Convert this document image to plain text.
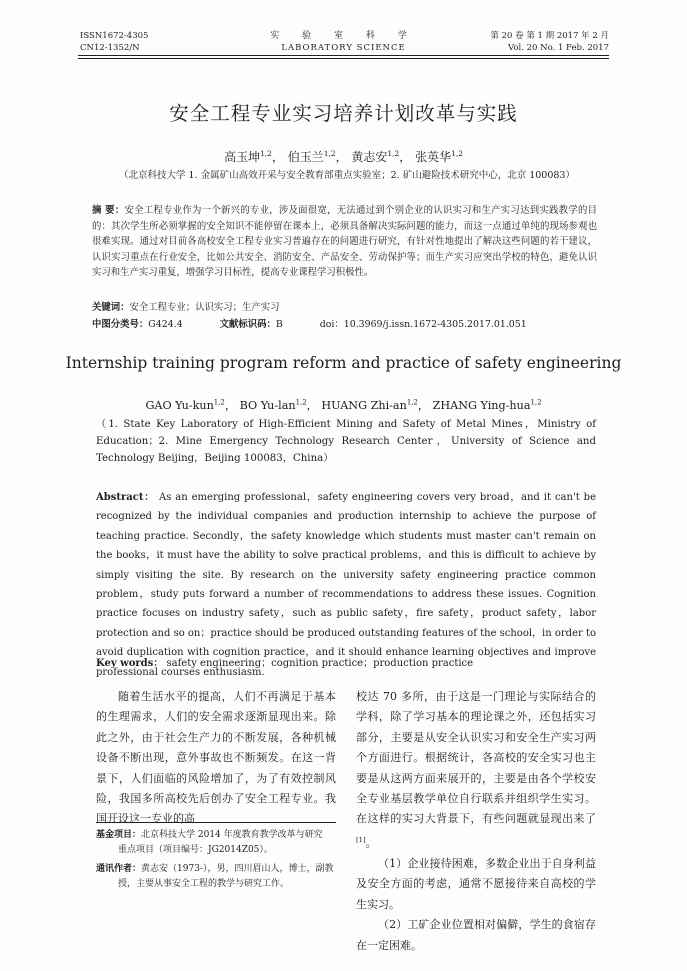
ISSN1672-4305
CN12-1352/N
实 验 室 科 学
LABORATORY SCIENCE
第 20 卷 第 1 期 2017 年 2 月
Vol. 20 No. 1 Feb. 2017
安全工程专业实习培养计划改革与实践
高玉坤$^{1,2}$， 伯玉兰$^{1,2}$， 黄志安$^{1,2}$， 张英华$^{1,2}$
（北京科技大学 1. 金属矿山高效开采与安全教育部重点实验室；2. 矿山避险技术研究中心，北京 100083）
摘 要：安全工程专业作为一个新兴的专业，涉及面很宽，无法通过到个别企业的认识实习和生产实习达到实践教学的目的：其次学生所必须掌握的安全知识不能停留在课本上，必须具备解决实际问题的能力，而这一点通过单纯的现场参观也很难实现。通过对目前各高校安全工程专业实习普遍存在的问题进行研究，有针对性地提出了解决这些问题的若干建议，认识实习重点在行业安全，比如公共安全、消防安全、产品安全、劳动保护等；而生产实习应突出学校的特色，避免认识实习和生产实习重复，增强学习目标性，提高专业课程学习积极性。
关键词：安全工程专业；认识实习；生产实习
中图分类号：G424.4	文献标识码：B	doi：10.3969/j.issn.1672-4305.2017.01.051
Internship training program reform and practice of safety engineering
GAO Yu-kun$^{1,2}$， BO Yu-lan$^{1,2}$， HUANG Zhi-an$^{1,2}$， ZHANG Ying-hua$^{1,2}$
（1. State Key Laboratory of High-Efficient Mining and Safety of Metal Mines，Ministry of Education；2. Mine Emergency Technology Research Center，University of Science and Technology Beijing，Beijing 100083，China）
Abstract： As an emerging professional，safety engineering covers very broad，and it can't be recognized by the individual companies and production internship to achieve the purpose of teaching practice. Secondly，the safety knowledge which students must master can't remain on the books，it must have the ability to solve practical problems，and this is difficult to achieve by simply visiting the site. By research on the university safety engineering practice common problem，study puts forward a number of recommendations to address these issues. Cognition practice focuses on industry safety，such as public safety，fire safety，product safety，labor protection and so on；practice should be produced outstanding features of the school，in order to avoid duplication with cognition practice，and it should enhance learning objectives and improve professional courses enthusiasm.
Key words： safety engineering；cognition practice；production practice

随着生活水平的提高，人们不再满足于基本的生理需求，人们的安全需求逐渐显现出来。除此之外，由于社会生产力的不断发展，各种机械设备不断出现，意外事故也不断频发。在这一背景下，人们面临的风险增加了，为了有效控制风险，我国多所高校先后创办了安全工程专业。我国开设这一专业的高

校达 70 多所，由于这是一门理论与实际结合的学科，除了学习基本的理论课之外，还包括实习部分，主要是从安全认识实习和安全生产实习两个方面进行。根据统计，各高校的安全实习也主要是从这两方面来展开的，主要是由各个学校安全专业基层教学单位自行联系并组织学生实习。在这样的实习大背景下，有些问题就显现出来了[1]。

（1）企业接待困难，多数企业出于自身利益及安全方面的考虑，通常不愿接待来自高校的学生实习。

（2）工矿企业位置相对偏僻，学生的食宿存在一定困难。

基金项目：北京科技大学 2014 年度教育教学改革与研究
重点项目（项目编号：JG2014Z05）。
通讯作者：黄志安（1973-），男，四川眉山人，博士，副教
授，主要从事安全工程的教学与研究工作。
